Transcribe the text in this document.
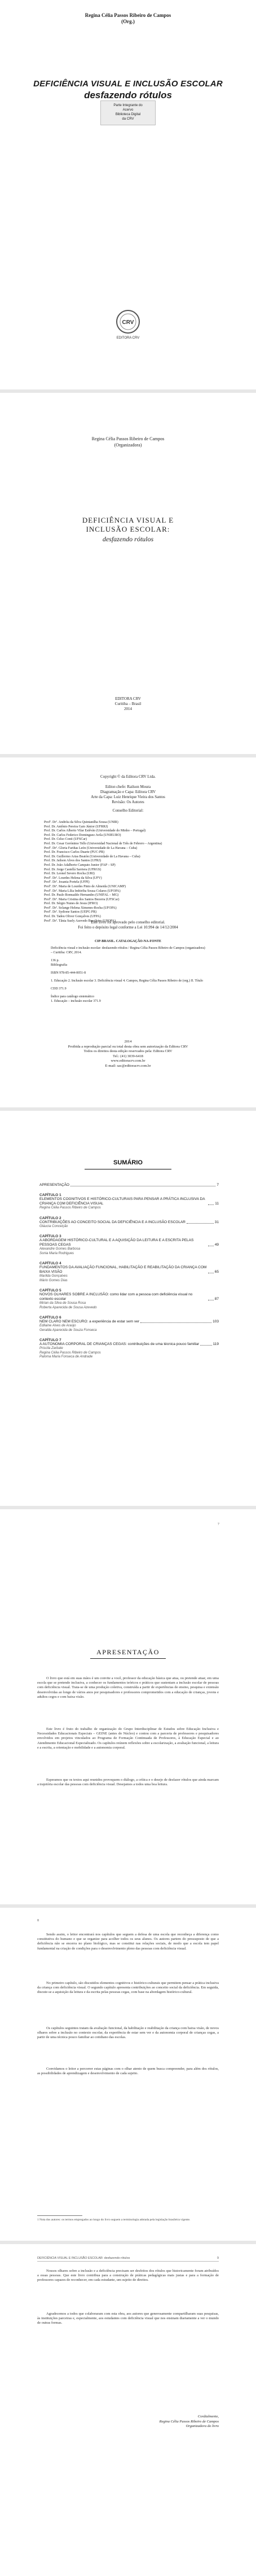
Regina Célia Passos Ribeiro de Campos
(Org.)
DEFICIÊNCIA VISUAL E INCLUSÃO ESCOLAR
desfazendo rótulos
Parte Integrante do
Acervo
Biblioteca Digital
da CRV
CRV
EDITORA CRV
Regina Célia Passos Ribeiro de Campos
(Organizadora)
DEFICIÊNCIA VISUAL E
INCLUSÃO ESCOLAR:
desfazendo rótulos
EDITORA CRV
Curitiba – Brasil
2014
Copyright © da Editora CRV Ltda.
Editor-chefe: Railson Moura
Diagramação e Capa: Editora CRV
Arte da Capa: Luiz Henrique Vieira dos Santos
Revisão: Os Autores
Conselho Editorial:
Profª. Drª. Andréia da Silva Quintanilha Sousa (UNIR)
Prof. Dr. Antônio Pereira Gaio Júnior (UFRRJ)
Prof. Dr. Carlos Alberto Vilar Estêvão (Universidade do Minho – Portugal)
Prof. Dr. Carlos Federico Dominguez Avila (UNIEURO)
Prof. Dr. Celso Conti (UFSCar)
Prof. Dr. Cesar Gerónimo Tello (Universidad Nacional de Três de Febrero – Argentina)
Profª. Drª. Gloria Fariñas León (Universidade de La Havana – Cuba)
Prof. Dr. Francisco Carlos Duarte (PUC-PR)
Prof. Dr. Guillermo Arias Beatón (Universidade de La Havana – Cuba)
Prof. Dr. Jailson Alves dos Santos (UFRJ)
Prof. Dr. João Adalberto Campato Junior (FAP – SP)
Prof. Dr. Jorge Castellá Sarriera (UFRGS)
Prof. Dr. Leonel Severo Rocha (URI)
Profª. Drª. Lourdes Helena da Silva (UFV)
Profª. Drª. Josania Portela (UFPI)
Profª. Drª. Maria de Lourdes Pinto de Almeida (UNICAMP)
Profª. Drª. Maria Lília Imbiriba Sousa Colares (UFOPA)
Prof. Dr. Paulo Romualdo Hernandes (UNIFAL – MG)
Profª. Drª. Maria Cristina dos Santos Bezerra (UFSCar)
Prof. Dr. Sérgio Nunes de Jesus (IFRO)
Profª. Drª. Solange Helena Ximenes-Rocha (UFOPA)
Profª. Drª. Sydione Santos (UEPG PR)
Prof. Dr. Tadeu Oliver Gonçalves (UFPA)
Profª. Drª. Tânia Suely Azevedo Brasileiro (UFOPA)
Este livro foi aprovado pelo conselho editorial.
Foi feito o depósito legal conforme a Lei 10.994 de 14/12/2004
CIP-BRASIL. CATALOGAÇÃO-NA-FONTE
Deficiência visual e inclusão escolar: desfazendo rótulos / Regina Célia Passos Ribeiro de Campos (organizadora) – Curitiba: CRV, 2014.
136 p.
Bibliografia
ISBN 978-85-444-0051-8
1. Educação 2. Inclusão escolar 3. Deficiência visual 4. Campos, Regina Célia Passos Ribeiro de (org.) II. Título
CDD 371.9
Índice para catálogo sistemático
1. Educação – inclusão escolar 371.9
2014
Proibida a reprodução parcial ou total desta obra sem autorização da Editora CRV
Todos os direitos desta edição reservados pela: Editora CRV
Tel.: (41) 3039-6418
www.editoracrv.com.br
E-mail: sac@editoracrv.com.br
SUMÁRIO
APRESENTAÇÃO	7
CAPÍTULO 1
ELEMENTOS COGNITIVOS E HISTÓRICO-CULTURAIS PARA PENSAR A PRÁTICA INCLUSIVA DA CRIANÇA COM DEFICIÊNCIA VISUAL	11
Regina Célia Passos Ribeiro de Campos
CAPÍTULO 2
CONTRIBUIÇÕES AO CONCEITO SOCIAL DA DEFICIÊNCIA E A INCLUSÃO ESCOLAR	31
Gláucia Conceição
CAPÍTULO 3
A ABORDAGEM HISTÓRICO-CULTURAL E A AQUISIÇÃO DA LEITURA E A ESCRITA PELAS PESSOAS CEGAS	49
Alexandre Gomes Barbosa
Sonia Maria Rodrigues
CAPÍTULO 4
FUNDAMENTOS DA AVALIAÇÃO FUNCIONAL, HABILITAÇÃO E REABILITAÇÃO DA CRIANÇA COM BAIXA VISÃO	65
Marilda Gonçalves
Mário Gomes Dias
CAPÍTULO 5
NOVOS OLHARES SOBRE A INCLUSÃO: como lidar com a pessoa com deficiência visual no contexto escolar	87
Mirian da Silva de Sousa Rosa
Roberta Aparecida de Sousa Azevedo
CAPÍTULO 6
NEM CLARO NEM ESCURO: a experiência de estar sem ver	103
Edilaine Alves de Araújo
Geralda Aparecida de Souza Fonseca
CAPÍTULO 7
A AUTONOMIA CORPORAL DE CRIANÇAS CEGAS: contribuições de uma técnica pouco familiar	119
Priscila Zarbate
Regina Célia Passos Ribeiro de Campos
Paloma Maria Fonseca de Andrade
7
APRESENTAÇÃO
O livro que está em suas mãos é um convite a você, professor da educação básica que atua, ou pretende atuar, em uma escola que se pretende inclusiva, a conhecer os fundamentos teóricos e práticos que sustentam a inclusão escolar de pessoas com deficiência visual. Trata-se de uma produção coletiva, construída a partir de experiências de ensino, pesquisa e extensão desenvolvidas ao longo de vários anos por pesquisadores e professores comprometidos com a educação de crianças, jovens e adultos cegos e com baixa visão.
Este livro é fruto do trabalho de organização do Grupo Interdisciplinar de Estudos sobre Educação Inclusiva e Necessidades Educacionais Especiais – GEINE (antes do Núcleo) e contou com a parceria de professores e pesquisadores envolvidos em projetos vinculados ao Programa de Formação Continuada de Professores, à Educação Especial e ao Atendimento Educacional Especializado. Os capítulos reúnem reflexões sobre a escolarização, a avaliação funcional, a leitura e a escrita, a orientação e mobilidade e a autonomia corporal.
Esperamos que os textos aqui reunidos provoquem o diálogo, a crítica e o desejo de desfazer rótulos que ainda marcam a trajetória escolar das pessoas com deficiência visual. Desejamos a todos uma boa leitura.
8
Sendo assim, o leitor encontrará nos capítulos que seguem a defesa de uma escola que reconheça a diferença como constitutiva do humano e que se organize para acolher todos os seus alunos. Os autores partem do pressuposto de que a deficiência não se encerra no plano biológico, mas se constitui nas relações sociais, de modo que a escola tem papel fundamental na criação de condições para o desenvolvimento pleno das pessoas com deficiência visual.
No primeiro capítulo, são discutidos elementos cognitivos e histórico-culturais que permitem pensar a prática inclusiva da criança com deficiência visual. O segundo capítulo apresenta contribuições ao conceito social da deficiência. Em seguida, discute-se a aquisição da leitura e da escrita pelas pessoas cegas, com base na abordagem histórico-cultural.
Os capítulos seguintes tratam da avaliação funcional, da habilitação e reabilitação da criança com baixa visão, de novos olhares sobre a inclusão no contexto escolar, da experiência de estar sem ver e da autonomia corporal de crianças cegas, a partir de uma técnica pouco familiar ao cotidiano das escolas.
Convidamos o leitor a percorrer estas páginas com o olhar atento de quem busca compreender, para além dos rótulos, as possibilidades de aprendizagem e desenvolvimento de cada sujeito.
1 Nota dos autores: os termos empregados ao longo do livro seguem a terminologia adotada pela legislação brasileira vigente.
DEFICIÊNCIA VISUAL E INCLUSÃO ESCOLAR: desfazendo rótulos	9
Nossos olhares sobre a inclusão e a deficiência precisam ser desfeitos dos rótulos que historicamente foram atribuídos a essas pessoas. Que este livro contribua para a construção de práticas pedagógicas mais justas e para a formação de professores capazes de reconhecer, em cada estudante, um sujeito de direitos.
Agradecemos a todos que colaboraram com esta obra, aos autores que generosamente compartilharam suas pesquisas, às instituições parceiras e, especialmente, aos estudantes com deficiência visual que nos ensinam diariamente a ver o mundo de outras formas.
Cordialmente,
Regina Célia Passos Ribeiro de Campos
Organizadora do livro
